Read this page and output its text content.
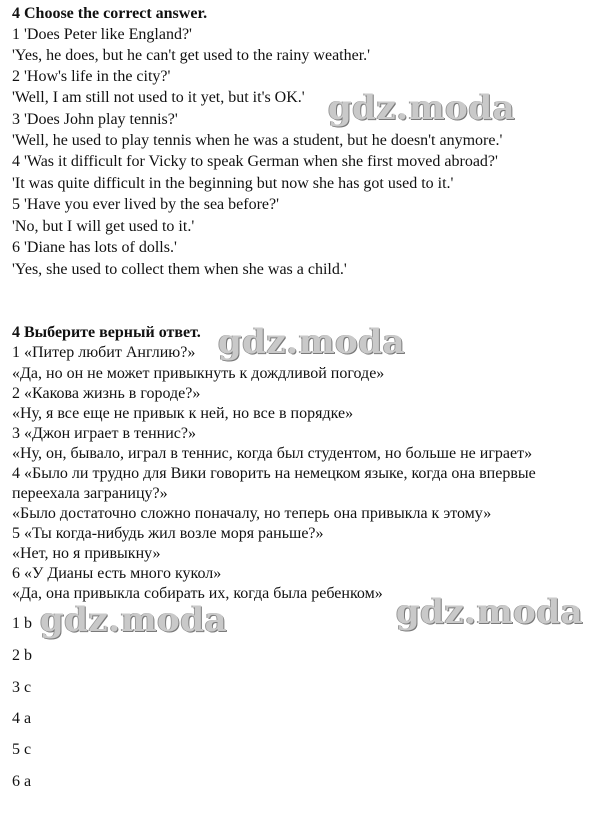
4 Choose the correct answer.
1 'Does Peter like England?'
'Yes, he does, but he can't get used to the rainy weather.'
2 'How's life in the city?'
'Well, I am still not used to it yet, but it's OK.'
3 'Does John play tennis?'
'Well, he used to play tennis when he was a student, but he doesn't anymore.'
4 'Was it difficult for Vicky to speak German when she first moved abroad?'
'It was quite difficult in the beginning but now she has got used to it.'
5 'Have you ever lived by the sea before?'
'No, but I will get used to it.'
6 'Diane has lots of dolls.'
'Yes, she used to collect them when she was a child.'
4 Выберите верный ответ.
1 «Питер любит Англию?»
«Да, но он не может привыкнуть к дождливой погоде»
2 «Какова жизнь в городе?»
«Ну, я все еще не привык к ней, но все в порядке»
3 «Джон играет в теннис?»
«Ну, он, бывало, играл в теннис, когда был студентом, но больше не играет»
4 «Было ли трудно для Вики говорить на немецком языке, когда она впервые
переехала заграницу?»
«Было достаточно сложно поначалу, но теперь она привыкла к этому»
5 «Ты когда-нибудь жил возле моря раньше?»
«Нет, но я привыкну»
6 «У Дианы есть много кукол»
«Да, она привыкла собирать их, когда была ребенком»
1 b
2 b
3 c
4 a
5 c
6 a
gdz.moda
gdz.moda
gdz.moda
gdz.moda
